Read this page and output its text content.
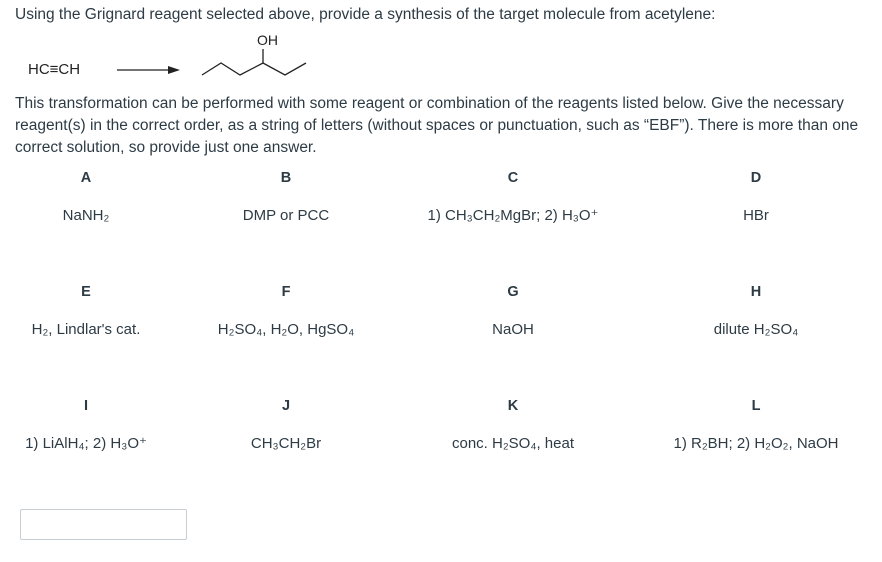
Using the Grignard reagent selected above, provide a synthesis of the target molecule from acetylene:
HC≡CH
OH
This transformation can be performed with some reagent or combination of the reagents listed below. Give the necessary reagent(s) in the correct order, as a string of letters (without spaces or punctuation, such as “EBF”). There is more than one correct solution, so provide just one answer.
A
NaNH₂
B
DMP or PCC
C
1) CH₃CH₂MgBr; 2) H₃O⁺
D
HBr
E
H₂, Lindlar's cat.
F
H₂SO₄, H₂O, HgSO₄
G
NaOH
H
dilute H₂SO₄
I
1) LiAlH₄; 2) H₃O⁺
J
CH₃CH₂Br
K
conc. H₂SO₄, heat
L
1) R₂BH; 2) H₂O₂, NaOH
